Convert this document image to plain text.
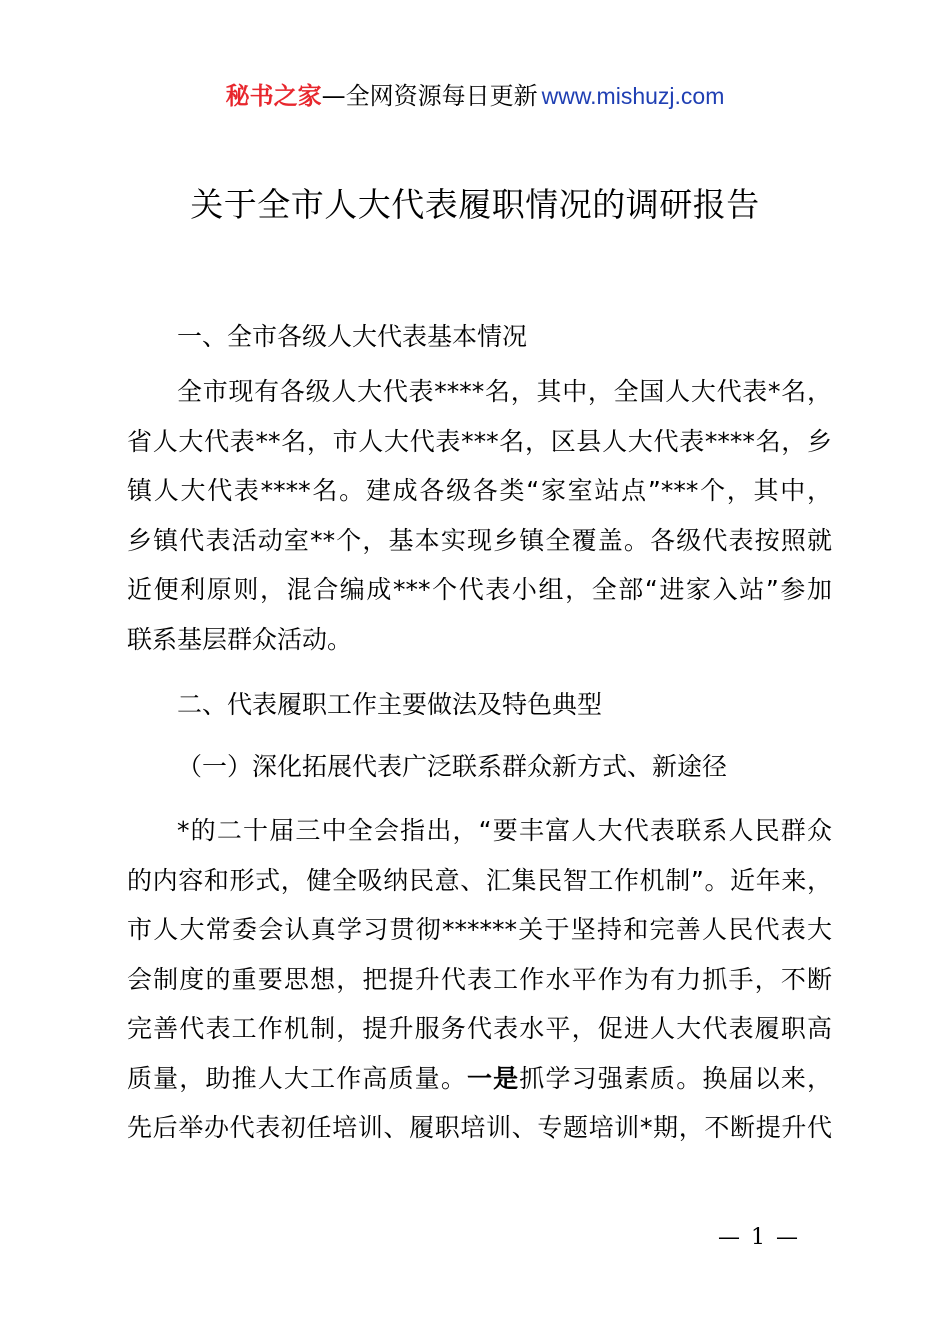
秘书之家—全网资源每日更新 www.mishuzj.com
关于全市人大代表履职情况的调研报告

一、全市各级人大代表基本情况

全市现有各级人大代表****名，其中，全国人大代表*名，
省人大代表**名，市人大代表***名，区县人大代表****名，乡
镇人大代表****名。建成各级各类“家室站点”***个，其中，
乡镇代表活动室**个，基本实现乡镇全覆盖。各级代表按照就
近便利原则，混合编成***个代表小组，全部“进家入站”参加
联系基层群众活动。

二、代表履职工作主要做法及特色典型

（一）深化拓展代表广泛联系群众新方式、新途径

*的二十届三中全会指出，“要丰富人大代表联系人民群众
的内容和形式，健全吸纳民意、汇集民智工作机制”。近年来，
市人大常委会认真学习贯彻******关于坚持和完善人民代表大
会制度的重要思想，把提升代表工作水平作为有力抓手，不断
完善代表工作机制，提升服务代表水平，促进人大代表履职高
质量，助推人大工作高质量。一是抓学习强素质。换届以来，
先后举办代表初任培训、履职培训、专题培训*期，不断提升代

— 1 —
